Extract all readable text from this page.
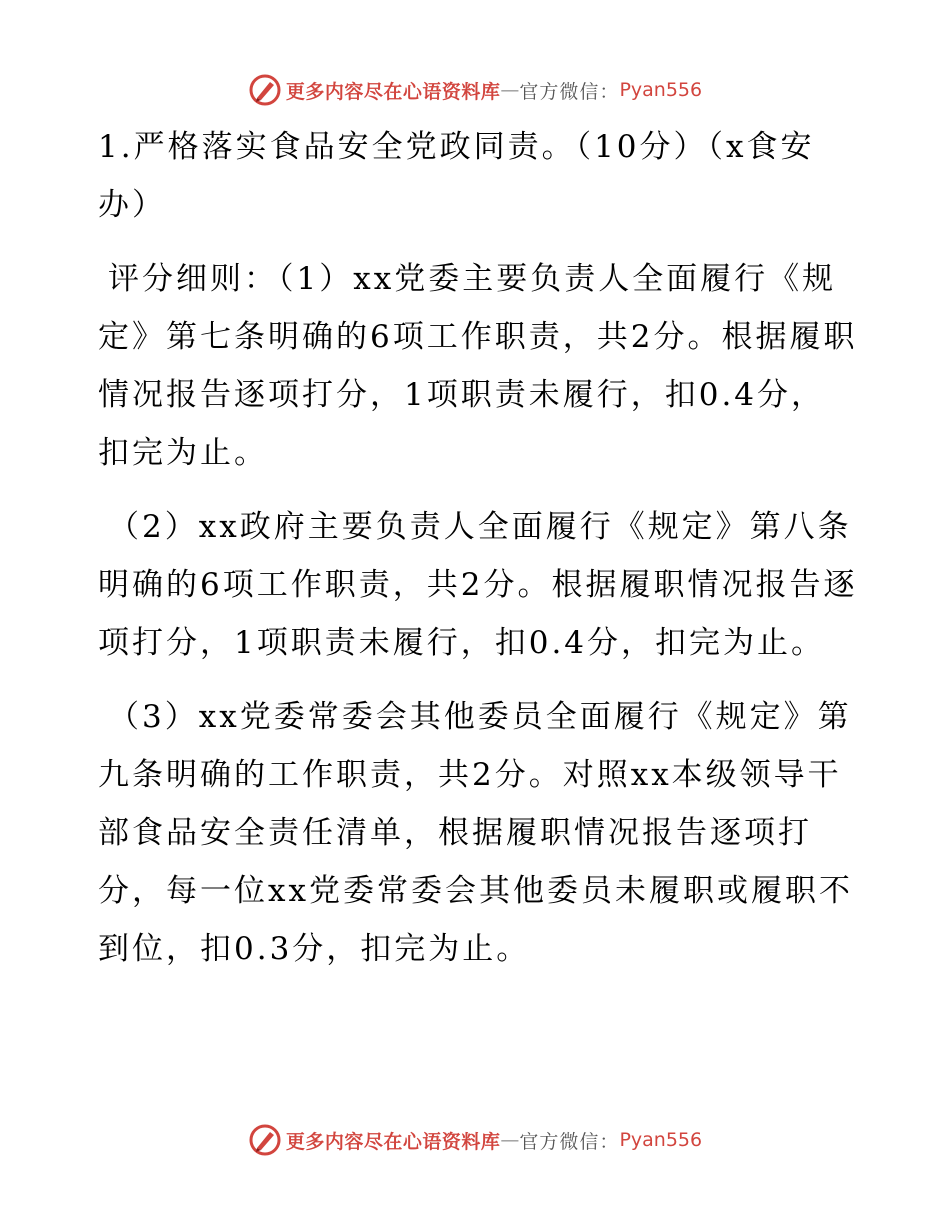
更多内容尽在心语资料库 — 官方微信： Pyan556

1.严格落实食品安全党政同责。（10分）（x食安办）

评分细则：（1）xx党委主要负责人全面履行《规定》第七条明确的6项工作职责，共2分。根据履职情况报告逐项打分，1项职责未履行，扣0.4分，扣完为止。

（2）xx政府主要负责人全面履行《规定》第八条明确的6项工作职责，共2分。根据履职情况报告逐项打分，1项职责未履行，扣0.4分，扣完为止。

（3）xx党委常委会其他委员全面履行《规定》第九条明确的工作职责，共2分。对照xx本级领导干部食品安全责任清单，根据履职情况报告逐项打分，每一位xx党委常委会其他委员未履职或履职不到位，扣0.3分，扣完为止。

更多内容尽在心语资料库 — 官方微信： Pyan556
